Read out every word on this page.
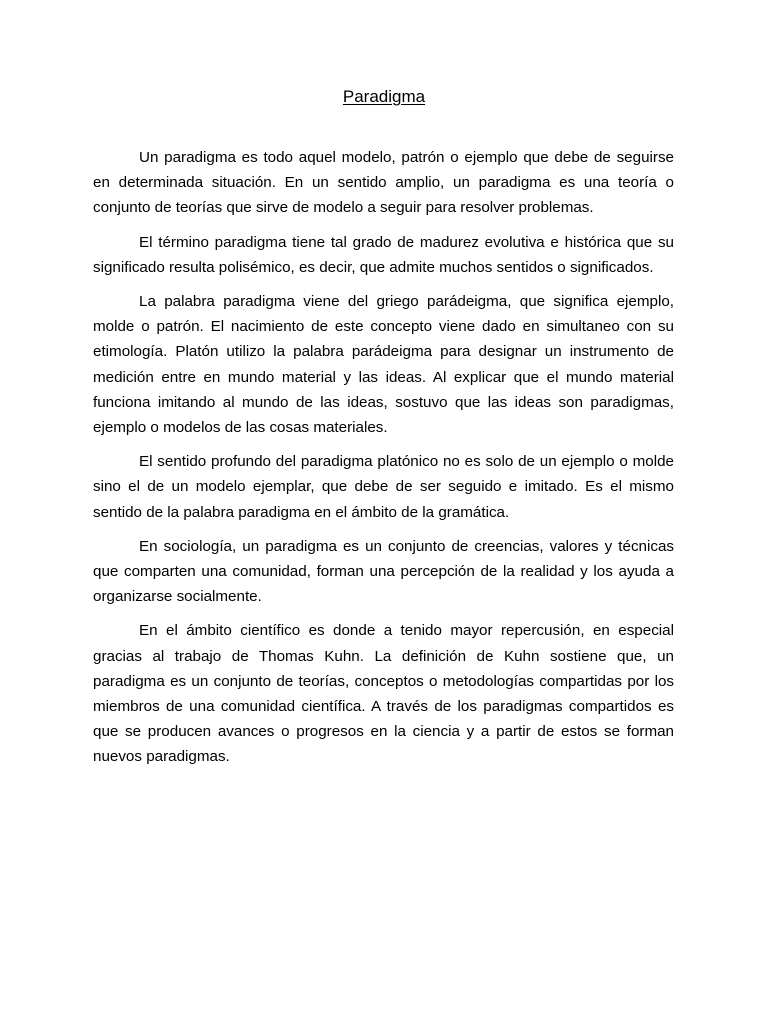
Paradigma

Un paradigma es todo aquel modelo, patrón o ejemplo que debe de seguirse en determinada situación. En un sentido amplio, un paradigma es una teoría o conjunto de teorías que sirve de modelo a seguir para resolver problemas.

El término paradigma tiene tal grado de madurez evolutiva e histórica que su significado resulta polisémico, es decir, que admite muchos sentidos o significados.

La palabra paradigma viene del griego parádeigma, que significa ejemplo, molde o patrón. El nacimiento de este concepto viene dado en simultaneo con su etimología. Platón utilizo la palabra parádeigma para designar un instrumento de medición entre en mundo material y las ideas. Al explicar que el mundo material funciona imitando al mundo de las ideas, sostuvo que las ideas son paradigmas, ejemplo o modelos de las cosas materiales.

El sentido profundo del paradigma platónico no es solo de un ejemplo o molde sino el de un modelo ejemplar, que debe de ser seguido e imitado. Es el mismo sentido de la palabra paradigma en el ámbito de la gramática.

En sociología, un paradigma es un conjunto de creencias, valores y técnicas que comparten una comunidad, forman una percepción de la realidad y los ayuda a organizarse socialmente.

En el ámbito científico es donde a tenido mayor repercusión, en especial gracias al trabajo de Thomas Kuhn. La definición de Kuhn sostiene que, un paradigma es un conjunto de teorías, conceptos o metodologías compartidas por los miembros de una comunidad científica. A través de los paradigmas compartidos es que se producen avances o progresos en la ciencia y a partir de estos se forman nuevos paradigmas.
